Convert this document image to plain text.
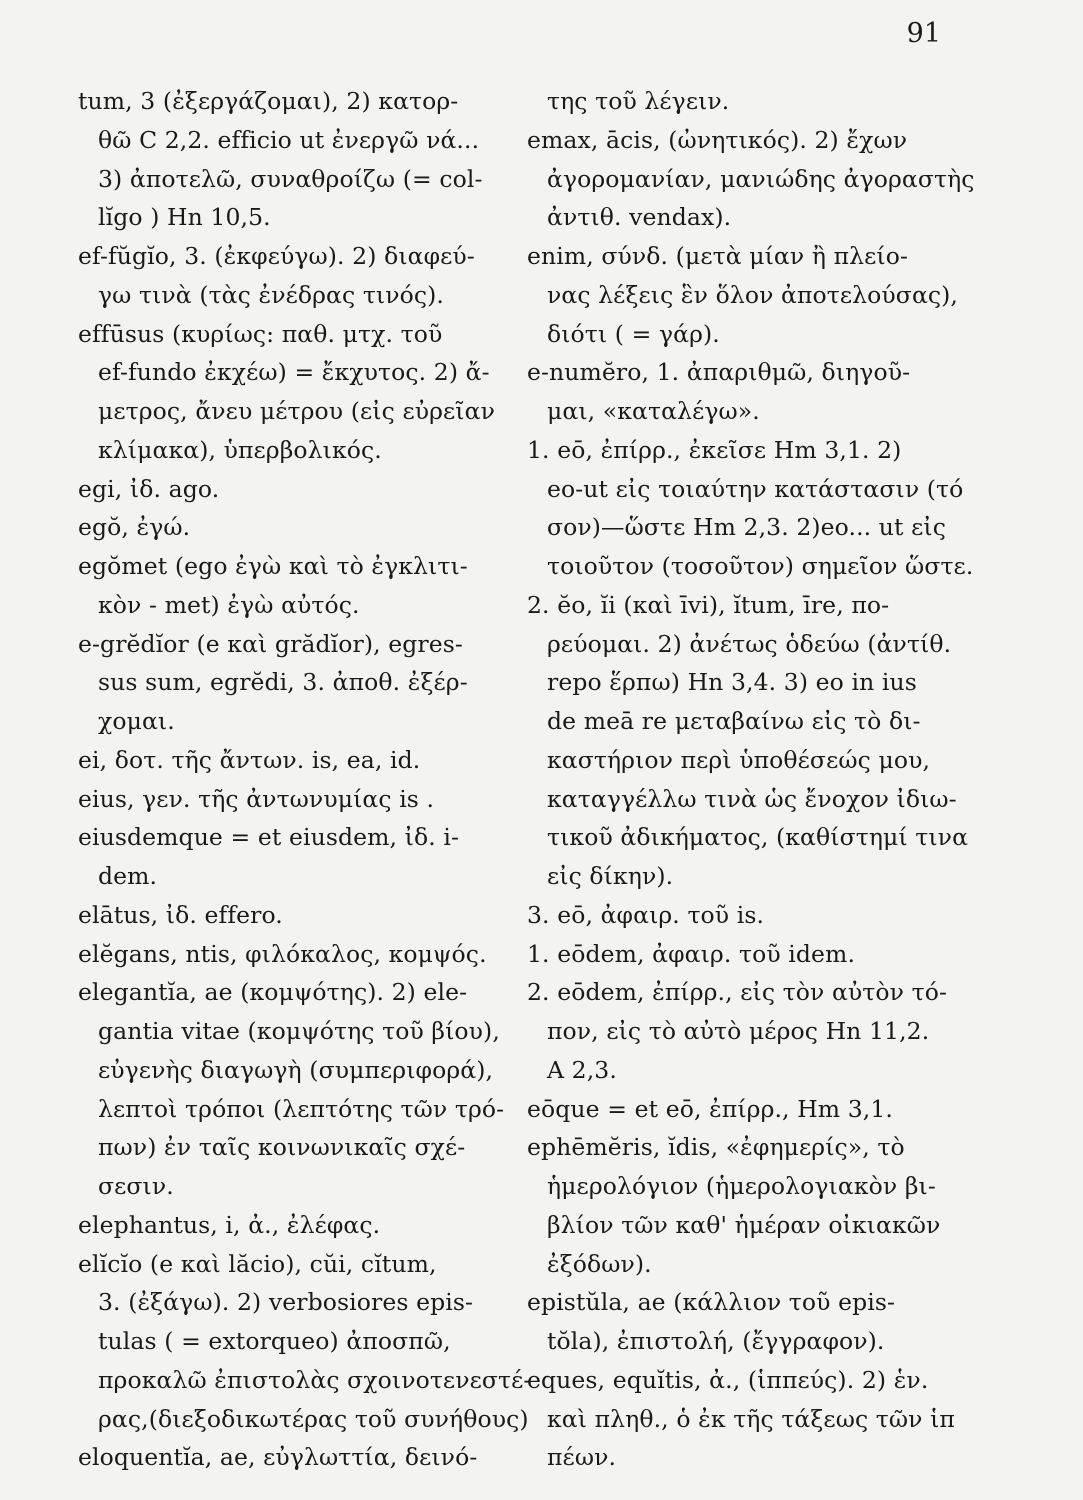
91
tum, 3 (ἐξεργάζομαι), 2) κατορ-
θῶ C 2,2. efficio ut ἐνεργῶ νά...
3) ἀποτελῶ, συναθροίζω (= col-
lĭgo ) Hn 10,5.
ef-fŭgĭo, 3. (ἐκφεύγω). 2) διαφεύ-
γω τινὰ (τὰς ἐνέδρας τινός).
effūsus (κυρίως: παθ. μτχ. τοῦ
ef-fundo ἐκχέω) = ἔκχυτος. 2) ἄ-
μετρος, ἄνευ μέτρου (εἰς εὐρεῖαν
κλίμακα), ὑπερβολικός.
egi, ἰδ. ago.
egŏ, ἐγώ.
egŏmet (ego ἐγὼ καὶ τὸ ἐγκλιτι-
κὸν - met) ἐγὼ αὐτός.
e-grĕdĭor (e καὶ grădĭor), egres-
sus sum, egrĕdi, 3. ἀποθ. ἐξέρ-
χομαι.
ei, δοτ. τῆς ἄντων. is, ea, id.
eius, γεν. τῆς ἀντωνυμίας is .
eiusdemque = et eiusdem, ἰδ. i-
dem.
elātus, ἰδ. effero.
elĕgans, ntis, φιλόκαλος, κομψός.
elegantĭa, ae (κομψότης). 2) ele-
gantia vitae (κομψότης τοῦ βίου),
εὐγενὴς διαγωγὴ (συμπεριφορά),
λεπτοὶ τρόποι (λεπτότης τῶν τρό-
πων) ἐν ταῖς κοινωνικαῖς σχέ-
σεσιν.
elephantus, i, ἀ., ἐλέφας.
elĭcĭo (e καὶ lăcio), cŭi, cĭtum,
3. (ἐξάγω). 2) verbosiores epis-
tulas ( = extorqueo) ἀποσπῶ,
προκαλῶ ἐπιστολὰς σχοινοτενεστέ-
ρας,(διεξοδικωτέρας τοῦ συνήθους)
eloquentĭa, ae, εὐγλωττία, δεινό-
της τοῦ λέγειν.
emax, ācis, (ὠνητικός). 2) ἔχων
ἀγορομανίαν, μανιώδης ἀγοραστὴς
ἀντιθ. vendax).
enim, σύνδ. (μετὰ μίαν ἢ πλείο-
νας λέξεις ἓν ὅλον ἀποτελούσας),
διότι ( = γάρ).
e-numĕro, 1. ἀπαριθμῶ, διηγοῦ-
μαι, «καταλέγω».
1. eō, ἐπίρρ., ἐκεῖσε Hm 3,1. 2)
eo-ut εἰς τοιαύτην κατάστασιν (τό
σον)—ὥστε Hm 2,3. 2)eo... ut εἰς
τοιοῦτον (τοσοῦτον) σημεῖον ὥστε.
2. ĕo, ĭi (καὶ īvi), ĭtum, īre, πο-
ρεύομαι. 2) ἀνέτως ὁδεύω (ἀντίθ.
repo ἕρπω) Hn 3,4. 3) eo in ius
de meā re μεταβαίνω εἰς τὸ δι-
καστήριον περὶ ὑποθέσεώς μου,
καταγγέλλω τινὰ ὡς ἔνοχον ἰδιω-
τικοῦ ἀδικήματος, (καθίστημί τινα
εἰς δίκην).
3. eō, ἀφαιρ. τοῦ is.
1. eōdem, ἀφαιρ. τοῦ idem.
2. eōdem, ἐπίρρ., εἰς τὸν αὐτὸν τό-
πον, εἰς τὸ αὐτὸ μέρος Hn 11,2.
A 2,3.
eōque = et eō, ἐπίρρ., Hm 3,1.
ephēmĕris, ĭdis, «ἐφημερίς», τὸ
ἡμερολόγιον (ἡμερολογιακὸν βι-
βλίον τῶν καθ' ἡμέραν οἰκιακῶν
ἐξόδων).
epistŭla, ae (κάλλιον τοῦ epis-
tŏla), ἐπιστολή, (ἔγγραφον).
eques, equĭtis, ἀ., (ἱππεύς). 2) ἑν.
καὶ πληθ., ὁ ἐκ τῆς τάξεως τῶν ἱπ
πέων.
